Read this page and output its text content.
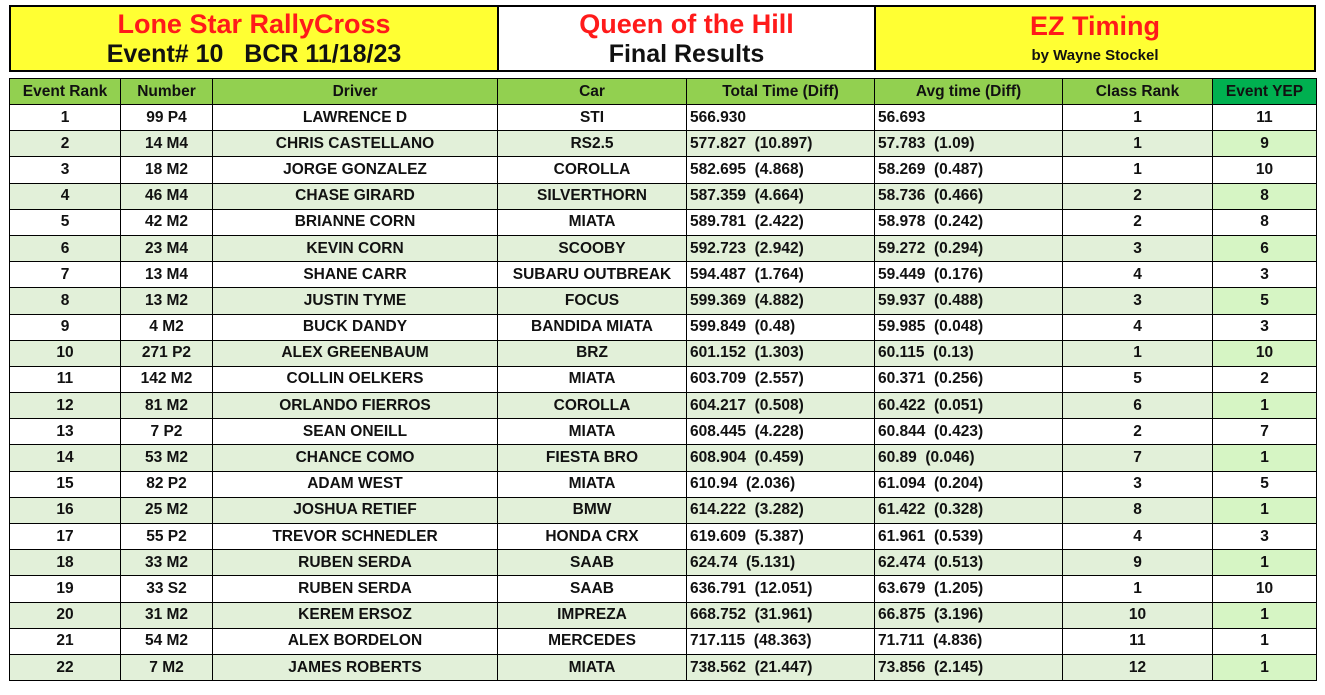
Lone Star RallyCross
Event# 10   BCR 11/18/23
Queen of the Hill
Final Results
EZ Timing
by Wayne Stockel
Event Rank	Number	Driver	Car	Total Time (Diff)	Avg time (Diff)	Class Rank	Event YEP
1	99 P4	LAWRENCE D	STI	566.930	56.693	1	11
2	14 M4	CHRIS CASTELLANO	RS2.5	577.827  (10.897)	57.783  (1.09)	1	9
3	18 M2	JORGE GONZALEZ	COROLLA	582.695  (4.868)	58.269  (0.487)	1	10
4	46 M4	CHASE GIRARD	SILVERTHORN	587.359  (4.664)	58.736  (0.466)	2	8
5	42 M2	BRIANNE CORN	MIATA	589.781  (2.422)	58.978  (0.242)	2	8
6	23 M4	KEVIN CORN	SCOOBY	592.723  (2.942)	59.272  (0.294)	3	6
7	13 M4	SHANE CARR	SUBARU OUTBREAK	594.487  (1.764)	59.449  (0.176)	4	3
8	13 M2	JUSTIN TYME	FOCUS	599.369  (4.882)	59.937  (0.488)	3	5
9	4 M2	BUCK DANDY	BANDIDA MIATA	599.849  (0.48)	59.985  (0.048)	4	3
10	271 P2	ALEX GREENBAUM	BRZ	601.152  (1.303)	60.115  (0.13)	1	10
11	142 M2	COLLIN OELKERS	MIATA	603.709  (2.557)	60.371  (0.256)	5	2
12	81 M2	ORLANDO FIERROS	COROLLA	604.217  (0.508)	60.422  (0.051)	6	1
13	7 P2	SEAN ONEILL	MIATA	608.445  (4.228)	60.844  (0.423)	2	7
14	53 M2	CHANCE COMO	FIESTA BRO	608.904  (0.459)	60.89  (0.046)	7	1
15	82 P2	ADAM WEST	MIATA	610.94  (2.036)	61.094  (0.204)	3	5
16	25 M2	JOSHUA RETIEF	BMW	614.222  (3.282)	61.422  (0.328)	8	1
17	55 P2	TREVOR SCHNEDLER	HONDA CRX	619.609  (5.387)	61.961  (0.539)	4	3
18	33 M2	RUBEN SERDA	SAAB	624.74  (5.131)	62.474  (0.513)	9	1
19	33 S2	RUBEN SERDA	SAAB	636.791  (12.051)	63.679  (1.205)	1	10
20	31 M2	KEREM ERSOZ	IMPREZA	668.752  (31.961)	66.875  (3.196)	10	1
21	54 M2	ALEX BORDELON	MERCEDES	717.115  (48.363)	71.711  (4.836)	11	1
22	7 M2	JAMES ROBERTS	MIATA	738.562  (21.447)	73.856  (2.145)	12	1
